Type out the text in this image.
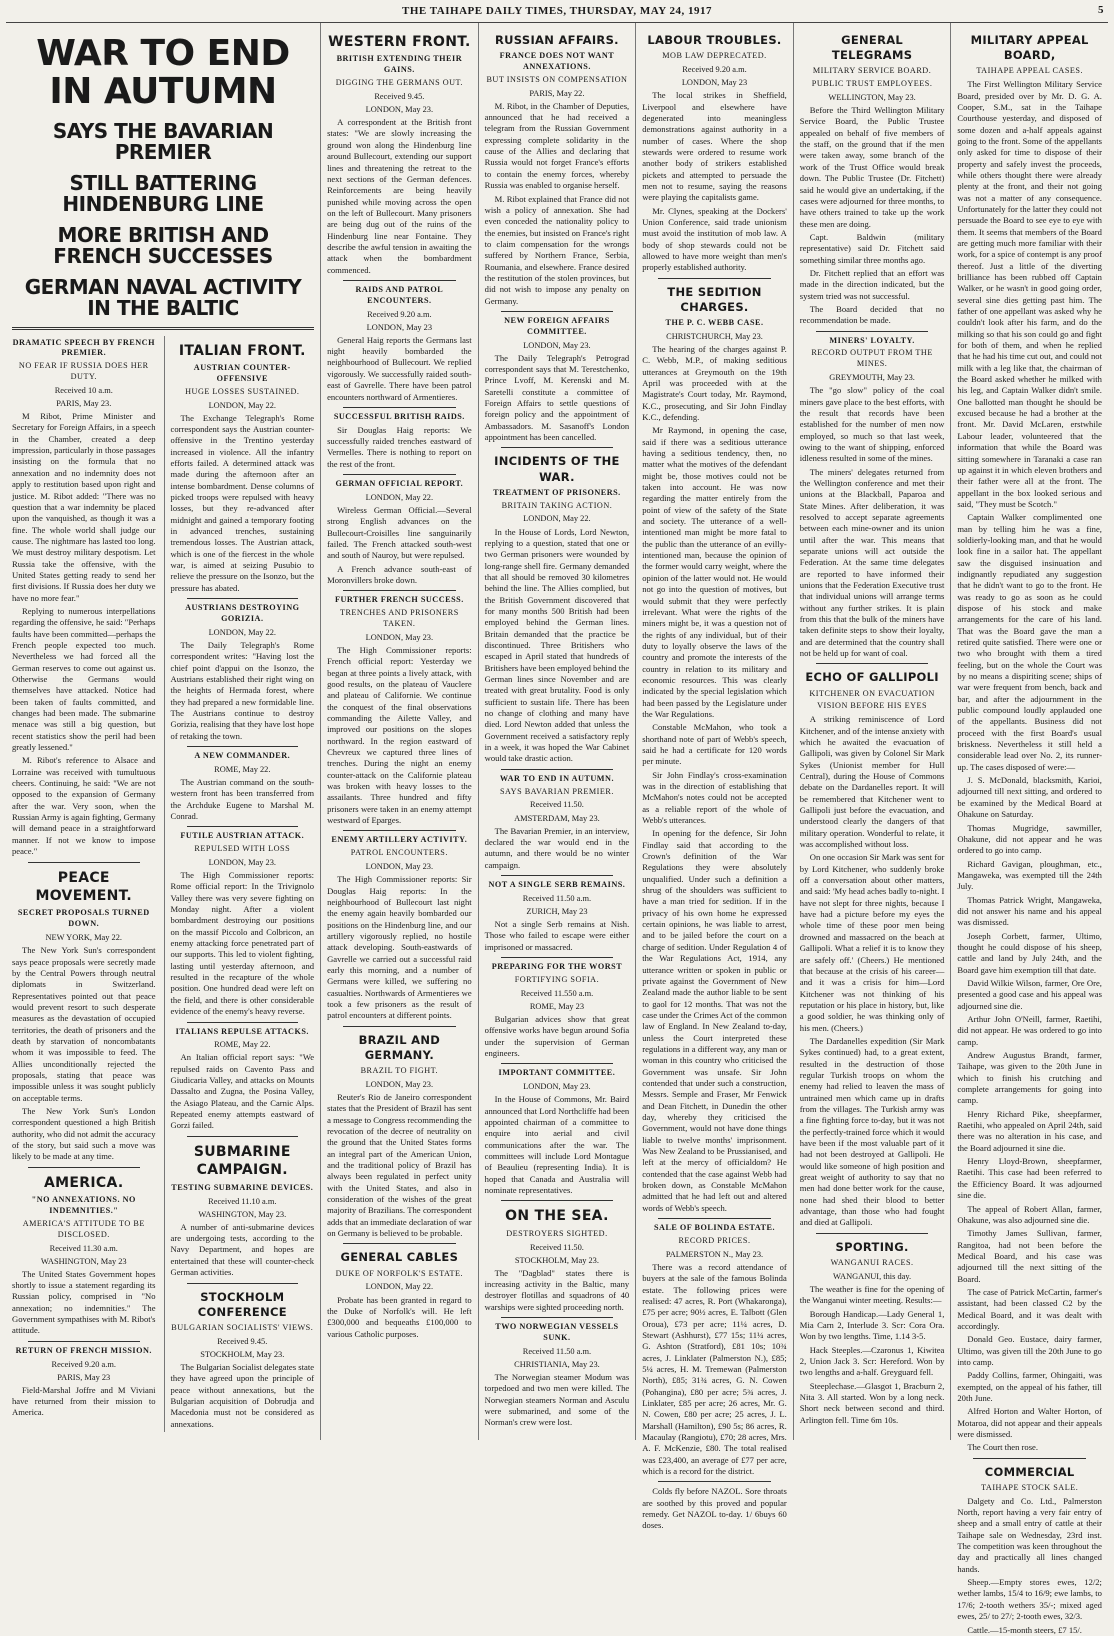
THE TAIHAPE DAILY TIMES, THURSDAY, MAY 24, 1917	5
WAR TO END IN AUTUMN
SAYS THE BAVARIAN PREMIER
STILL BATTERING HINDENBURG LINE
MORE BRITISH AND FRENCH SUCCESSES
GERMAN NAVAL ACTIVITY IN THE BALTIC
DRAMATIC SPEECH BY FRENCH PREMIER.
NO FEAR IF RUSSIA DOES HER DUTY.
Received 10 a.m.
PARIS, May 23.

M Ribot, Prime Minister and Secretary for Foreign Affairs, in a speech in the Chamber, created a deep impression, particularly in those passages insisting on the formula that no annexation and no indemnity does not apply to restitution based upon right and justice. M. Ribot added: "There was no question that a war indemnity be placed upon the vanquished, as though it was a fine. The whole world shall judge our cause. The nightmare has lasted too long. We must destroy military despotism. Let Russia take the offensive, with the United States getting ready to send her first divisions. If Russia does her duty we have no more fear."

Replying to numerous interpellations regarding the offensive, he said: "Perhaps faults have been committed—perhaps the French people expected too much. Nevertheless we had forced all the German reserves to come out against us. Otherwise the Germans would themselves have attacked. Notice had been taken of faults committed, and changes had been made. The submarine menace was still a big question, but recent statistics show the peril had been greatly lessened."

M. Ribot's reference to Alsace and Lorraine was received with tumultuous cheers. Continuing, he said: "We are not opposed to the expansion of Germany after the war. Very soon, when the Russian Army is again fighting, Germany will demand peace in a straightforward manner. If not we know to impose peace."

PEACE MOVEMENT.
SECRET PROPOSALS TURNED DOWN.
NEW YORK, May 22.

The New York Sun's correspondent says peace proposals were secretly made by the Central Powers through neutral diplomats in Switzerland. Representatives pointed out that peace would prevent resort to such desperate measures as the devastation of occupied territories, the death of prisoners and the death by starvation of noncombatants whom it was impossible to feed. The Allies unconditionally rejected the proposals, stating that peace was impossible unless it was sought publicly on acceptable terms.

The New York Sun's London correspondent questioned a high British authority, who did not admit the accuracy of the story, but said such a move was likely to be made at any time.

AMERICA.
"NO ANNEXATIONS. NO INDEMNITIES."
AMERICA'S ATTITUDE TO BE DISCLOSED.
Received 11.30 a.m.
WASHINGTON, May 23

The United States Government hopes shortly to issue a statement regarding its Russian policy, comprised in "No annexation; no indemnities." The Government sympathises with M. Ribot's attitude.

RETURN OF FRENCH MISSION.
Received 9.20 a.m.
PARIS, May 23

Field-Marshal Joffre and M Viviani have returned from their mission to America.

ITALIAN FRONT.
AUSTRIAN COUNTER-OFFENSIVE
HUGE LOSSES SUSTAINED.
LONDON, May 22.

The Exchange Telegraph's Rome correspondent says the Austrian counter-offensive in the Trentino yesterday increased in violence. All the infantry efforts failed. A determined attack was made during the afternoon after an intense bombardment. Dense columns of picked troops were repulsed with heavy losses, but they re-advanced after midnight and gained a temporary footing in advanced trenches, sustaining tremendous losses. The Austrian attack, which is one of the fiercest in the whole war, is aimed at seizing Pusubio to relieve the pressure on the Isonzo, but the pressure has abated.

AUSTRIANS DESTROYING GORIZIA.
LONDON, May 22.

The Daily Telegraph's Rome correspondent writes: "Having lost the chief point d'appui on the Isonzo, the Austrians established their right wing on the heights of Hermada forest, where they had prepared a new formidable line. The Austrians continue to destroy Gorizia, realising that they have lost hope of retaking the town.

A NEW COMMANDER.
ROME, May 22.

The Austrian command on the south-western front has been transferred from the Archduke Eugene to Marshal M. Conrad.

FUTILE AUSTRIAN ATTACK.
REPULSED WITH LOSS
LONDON, May 23.

The High Commissioner reports: Rome official report: In the Trivignolo Valley there was very severe fighting on Monday night. After a violent bombardment destroying our positions on the massif Piccolo and Colbricon, an enemy attacking force penetrated part of our supports. This led to violent fighting, lasting until yesterday afternoon, and resulted in the recapture of the whole position. One hundred dead were left on the field, and there is other considerable evidence of the enemy's heavy reverse.

ITALIANS REPULSE ATTACKS.
ROME, May 22.

An Italian official report says: "We repulsed raids on Cavento Pass and Giudicaria Valley, and attacks on Mounts Dassalto and Zugna, the Posina Valley, the Asiago Plateau, and the Carnic Alps. Repeated enemy attempts eastward of Gorzi failed.

SUBMARINE CAMPAIGN.
TESTING SUBMARINE DEVICES.
Received 11.10 a.m.
WASHINGTON, May 23.

A number of anti-submarine devices are undergoing tests, according to the Navy Department, and hopes are entertained that these will counter-check German activities.

STOCKHOLM CONFERENCE
BULGARIAN SOCIALISTS' VIEWS.
Received 9.45.
STOCKHOLM, May 23.

The Bulgarian Socialist delegates state they have agreed upon the principle of peace without annexations, but the Bulgarian acquisition of Dobrudja and Macedonia must not be considered as annexations.

WESTERN FRONT.
BRITISH EXTENDING THEIR GAINS.
DIGGING THE GERMANS OUT.
Received 9.45.
LONDON, May 23.

A correspondent at the British front states: "We are slowly increasing the ground won along the Hindenburg line around Bullecourt, extending our support lines and threatening the retreat to the next sections of the German defences. Reinforcements are being heavily punished while moving across the open on the left of Bullecourt. Many prisoners are being dug out of the ruins of the Hindenburg line near Fontaine. They describe the awful tension in awaiting the attack when the bombardment commenced.

RAIDS AND PATROL ENCOUNTERS.
Received 9.20 a.m.
LONDON, May 23

General Haig reports the Germans last night heavily bombarded the neighbourhood of Bullecourt. We replied vigorously. We successfully raided south-east of Gavrelle. There have been patrol encounters northward of Armentieres.

SUCCESSFUL BRITISH RAIDS.

Sir Douglas Haig reports: We successfully raided trenches eastward of Vermelles. There is nothing to report on the rest of the front.

GERMAN OFFICIAL REPORT.
LONDON, May 22.

Wireless German Official.—Several strong English advances on the Bullecourt-Croisilles line sanguinarily failed. The French attacked south-west and south of Nauroy, but were repulsed.

A French advance south-east of Moronvillers broke down.

FURTHER FRENCH SUCCESS.
TRENCHES AND PRISONERS TAKEN.
LONDON, May 23.

The High Commissioner reports: French official report: Yesterday we began at three points a lively attack, with good results, on the plateau of Vauclere and plateau of Californie. We continue the conquest of the final observations commanding the Ailette Valley, and improved our positions on the slopes northward. In the region eastward of Chevreux we captured three lines of trenches. During the night an enemy counter-attack on the Californie plateau was broken with heavy losses to the assailants. Three hundred and fifty prisoners were taken in an enemy attempt westward of Eparges.

ENEMY ARTILLERY ACTIVITY.
PATROL ENCOUNTERS.
LONDON, May 23.

The High Commissioner reports: Sir Douglas Haig reports: In the neighbourhood of Bullecourt last night the enemy again heavily bombarded our positions on the Hindenburg line, and our artillery vigorously replied, no hostile attack developing. South-eastwards of Gavrelle we carried out a successful raid early this morning, and a number of Germans were killed, we suffering no casualties. Northwards of Armentieres we took a few prisoners as the result of patrol encounters at different points.

BRAZIL AND GERMANY.
BRAZIL TO FIGHT.
LONDON, May 23.

Reuter's Rio de Janeiro correspondent states that the President of Brazil has sent a message to Congress recommending the revocation of the decree of neutrality on the ground that the United States forms an integral part of the American Union, and the traditional policy of Brazil has always been regulated in perfect unity with the United States, and also in consideration of the wishes of the great majority of Brazilians. The correspondent adds that an immediate declaration of war on Germany is believed to be probable.

GENERAL CABLES
DUKE OF NORFOLK'S ESTATE.
LONDON, May 22.

Probate has been granted in regard to the Duke of Norfolk's will. He left £300,000 and bequeaths £100,000 to various Catholic purposes.

RUSSIAN AFFAIRS.
FRANCE DOES NOT WANT ANNEXATIONS.
BUT INSISTS ON COMPENSATION
PARIS, May 22.

M. Ribot, in the Chamber of Deputies, announced that he had received a telegram from the Russian Government expressing complete solidarity in the cause of the Allies and declaring that Russia would not forget France's efforts to contain the enemy forces, whereby Russia was enabled to organise herself.

M. Ribot explained that France did not wish a policy of annexation. She had even conceded the nationality policy to the enemies, but insisted on France's right to claim compensation for the wrongs suffered by Northern France, Serbia, Roumania, and elsewhere. France desired the restitution of the stolen provinces, but did not wish to impose any penalty on Germany.

NEW FOREIGN AFFAIRS COMMITTEE.
LONDON, May 23.

The Daily Telegraph's Petrograd correspondent says that M. Terestchenko, Prince Lvoff, M. Kerenski and M. Saretelli constitute a committee of Foreign Affairs to settle questions of foreign policy and the appointment of Ambassadors. M. Sasanoff's London appointment has been cancelled.

INCIDENTS OF THE WAR.
TREATMENT OF PRISONERS.
BRITAIN TAKING ACTION.
LONDON, May 22.

In the House of Lords, Lord Newton, replying to a question, stated that one or two German prisoners were wounded by long-range shell fire. Germany demanded that all should be removed 30 kilometres behind the line. The Allies complied, but the British Government discovered that for many months 500 British had been employed behind the German lines. Britain demanded that the practice be discontinued. Three Britishers who escaped in April stated that hundreds of Britishers have been employed behind the German lines since November and are treated with great brutality. Food is only sufficient to sustain life. There has been no change of clothing and many have died. Lord Newton added that unless the Government received a satisfactory reply in a week, it was hoped the War Cabinet would take drastic action.

WAR TO END IN AUTUMN.
SAYS BAVARIAN PREMIER.
Received 11.50.
AMSTERDAM, May 23.

The Bavarian Premier, in an interview, declared the war would end in the autumn, and there would be no winter campaign.

NOT A SINGLE SERB REMAINS.
Received 11.50 a.m.
ZURICH, May 23

Not a single Serb remains at Nish. Those who failed to escape were either imprisoned or massacred.

PREPARING FOR THE WORST
FORTIFYING SOFIA.
Received 11.550 a.m.
ROME, May 23

Bulgarian advices show that great offensive works have begun around Sofia under the supervision of German engineers.

IMPORTANT COMMITTEE.
LONDON, May 23.

In the House of Commons, Mr. Baird announced that Lord Northcliffe had been appointed chairman of a committee to enquire into aerial and civil communications after the war. The committees will include Lord Montague of Beaulieu (representing India). It is hoped that Canada and Australia will nominate representatives.

ON THE SEA.
DESTROYERS SIGHTED.
Received 11.50.
STOCKHOLM, May 23.

The "Dagblad" states there is increasing activity in the Baltic, many destroyer flotillas and squadrons of 40 warships were sighted proceeding north.

TWO NORWEGIAN VESSELS SUNK.
Received 11.50 a.m.
CHRISTIANIA, May 23.

The Norwegian steamer Modum was torpedoed and two men were killed. The Norwegian steamers Norman and Asculu were submarined, and some of the Norman's crew were lost.

LABOUR TROUBLES.
MOB LAW DEPRECATED.
Received 9.20 a.m.
LONDON, May 23

The local strikes in Sheffield, Liverpool and elsewhere have degenerated into meaningless demonstrations against authority in a number of cases. Where the shop stewards were ordered to resume work another body of strikers established pickets and attempted to persuade the men not to resume, saying the reasons were playing the capitalists game.

Mr. Clynes, speaking at the Dockers' Union Conference, said trade unionism must avoid the institution of mob law. A body of shop stewards could not be allowed to have more weight than men's properly established authority.

THE SEDITION CHARGES.
THE P. C. WEBB CASE.
CHRISTCHURCH, May 23.

The hearing of the charges against P. C. Webb, M.P., of making seditious utterances at Greymouth on the 19th April was proceeded with at the Magistrate's Court today, Mr. Raymond, K.C., prosecuting, and Sir John Findlay K.C., defending.

Mr Raymond, in opening the case, said if there was a seditious utterance having a seditious tendency, then, no matter what the motives of the defendant might be, those motives could not be taken into account. He was now regarding the matter entirely from the point of view of the safety of the State and society. The utterance of a well-intentioned man might be more fatal to the public than the utterance of an evilly-intentioned man, because the opinion of the former would carry weight, where the opinion of the latter would not. He would not go into the question of motives, but would submit that they were perfectly irrelevant. What were the rights of the miners might be, it was a question not of the rights of any individual, but of their duty to loyally observe the laws of the country and promote the interests of the country in relation to its military and economic resources. This was clearly indicated by the special legislation which had been passed by the Legislature under the War Regulations.

Constable McMahon, who took a shorthand note of part of Webb's speech, said he had a certificate for 120 words per minute.

Sir John Findlay's cross-examination was in the direction of establishing that McMahon's notes could not be accepted as a reliable report of the whole of Webb's utterances.

In opening for the defence, Sir John Findlay said that according to the Crown's definition of the War Regulations they were absolutely unqualified. Under such a definition a shrug of the shoulders was sufficient to have a man tried for sedition. If in the privacy of his own home he expressed certain opinions, he was liable to arrest, and to be jailed before the court on a charge of sedition. Under Regulation 4 of the War Regulations Act, 1914, any utterance written or spoken in public or private against the Government of New Zealand made the author liable to be sent to gaol for 12 months. That was not the case under the Crimes Act of the common law of England. In New Zealand to-day, unless the Court interpreted these regulations in a different way, any man or woman in this country who criticised the Government was unsafe. Sir John contended that under such a construction, Messrs. Semple and Fraser, Mr Fenwick and Dean Fitchett, in Dunedin the other day, whereby they criticised the Government, would not have done things liable to twelve months' imprisonment. Was New Zealand to be Prussianised, and left at the mercy of officialdom? He contended that the case against Webb had broken down, as Constable McMahon admitted that he had left out and altered words of Webb's speech.

SALE OF BOLINDA ESTATE.
RECORD PRICES.
PALMERSTON N., May 23.

There was a record attendance of buyers at the sale of the famous Bolinda estate. The following prices were realised: 47 acres, R. Port (Whakaronga), £75 per acre; 90½ acres, E. Talbott (Glen Oroua), £73 per acre; 11¼ acres, D. Stewart (Ashhurst), £77 15s; 11¼ acres, G. Ashton (Stratford), £81 10s; 10¾ acres, J. Linklater (Palmerston N.), £85; 5¼ acres, H. M. Tremewan (Palmerston North), £85; 31¾ acres, G. N. Cowen (Pohangina), £80 per acre; 5¾ acres, J. Linklater, £85 per acre; 26 acres, Mr. G. N. Cowen, £80 per acre; 25 acres, J. L. Marshall (Hamilton), £90 5s; 86 acres, R. Macaulay (Rangiotu), £70; 28 acres, Mrs. A. F. McKenzie, £80. The total realised was £23,400, an average of £77 per acre, which is a record for the district.

Colds fly before NAZOL. Sore throats are soothed by this proved and popular remedy. Get NAZOL to-day. 1/ 6buys 60 doses.

GENERAL TELEGRAMS
MILITARY SERVICE BOARD.
PUBLIC TRUST EMPLOYEES.
WELLINGTON, May 23.

Before the Third Wellington Military Service Board, the Public Trustee appealed on behalf of five members of the staff, on the ground that if the men were taken away, some branch of the work of the Trust Office would break down. The Public Trustee (Dr. Fitchett) said he would give an undertaking, if the cases were adjourned for three months, to have others trained to take up the work these men are doing.

Capt. Baldwin (military representative) said Dr. Fitchett said something similar three months ago.

Dr. Fitchett replied that an effort was made in the direction indicated, but the system tried was not successful.

The Board decided that no recommendation be made.

MINERS' LOYALTY.
RECORD OUTPUT FROM THE MINES.
GREYMOUTH, May 23.

The "go slow" policy of the coal miners gave place to the best efforts, with the result that records have been established for the number of men now employed, so much so that last week, owing to the want of shipping, enforced idleness resulted in some of the mines.

The miners' delegates returned from the Wellington conference and met their unions at the Blackball, Paparoa and State Mines. After deliberation, it was resolved to accept separate agreements between each mine-owner and its union until after the war. This means that separate unions will act outside the Federation. At the same time delegates are reported to have informed their unions that the Federation Executive trust that individual unions will arrange terms without any further strikes. It is plain from this that the bulk of the miners have taken definite steps to show their loyalty, and are determined that the country shall not be held up for want of coal.

ECHO OF GALLIPOLI
KITCHENER ON EVACUATION
VISION BEFORE HIS EYES

A striking reminiscence of Lord Kitchener, and of the intense anxiety with which he awaited the evacuation of Gallipoli, was given by Colonel Sir Mark Sykes (Unionist member for Hull Central), during the House of Commons debate on the Dardanelles report. It will be remembered that Kitchener went to Gallipoli just before the evacuation, and understood clearly the dangers of that military operation. Wonderful to relate, it was accomplished without loss.

On one occasion Sir Mark was sent for by Lord Kitchener, who suddenly broke off a conversation about other matters, and said: 'My head aches badly to-night. I have not slept for three nights, because I have had a picture before my eyes the whole time of these poor men being drowned and massacred on the beach at Gallipoli. What a relief it is to know they are safely off.' (Cheers.) He mentioned that because at the crisis of his career—and it was a crisis for him—Lord Kitchener was not thinking of his reputation or his place in history, but, like a good soldier, he was thinking only of his men. (Cheers.)

The Dardanelles expedition (Sir Mark Sykes continued) had, to a great extent, resulted in the destruction of those regular Turkish troops on whom the enemy had relied to leaven the mass of untrained men which came up in drafts from the villages. The Turkish army was a fine fighting force to-day, but it was not the perfectly-trained force which it would have been if the most valuable part of it had not been destroyed at Gallipoli. He would like someone of high position and great weight of authority to say that no men had done better work for the cause, none had shed their blood to better advantage, than those who had fought and died at Gallipoli.

SPORTING.
WANGANUI RACES.
WANGANUI, this day.

The weather is fine for the opening of the Wanganui winter meeting. Results:—

Borough Handicap.—Lady General 1, Mia Carn 2, Interlude 3. Scr: Cora Ora. Won by two lengths. Time, 1.14 3-5.

Hack Steeples.—Czaronus 1, Kiwitea 2, Union Jack 3. Scr: Hereford. Won by two lengths and a-half. Greyguard fell.

Steeplechase.—Glasgot 1, Bracburn 2, Nita 3. All started. Won by a long neck. Short neck between second and third. Arlington fell. Time 6m 10s.

MILITARY APPEAL BOARD,
TAIHAPE APPEAL CASES.

The First Wellington Military Service Board, presided over by Mr. D. G. A. Cooper, S.M., sat in the Taihape Courthouse yesterday, and disposed of some dozen and a-half appeals against going to the front. Some of the appellants only asked for time to dispose of their property and safely invest the proceeds, while others thought there were already plenty at the front, and their not going was not a matter of any consequence. Unfortunately for the latter they could not persuade the Board to see eye to eye with them. It seems that members of the Board are getting much more familiar with their work, for a spice of contempt is any proof thereof. Just a little of the diverting brilliance has been rubbed off Captain Walker, or he wasn't in good going order, several sine dies getting past him. The father of one appellant was asked why he couldn't look after his farm, and do the milking so that his son could go and fight for both of them, and when he replied that he had his time cut out, and could not milk with a leg like that, the chairman of the Board asked whether he milked with his leg, and Captain Walker didn't smile. One ballotted man thought he should be excused because he had a brother at the front. Mr. David McLaren, erstwhile Labour leader, volunteered that the information that while the Board was sitting somewhere in Taranaki a case ran up against it in which eleven brothers and their father were all at the front. The appellant in the box looked serious and said, "They must be Scotch."

Captain Walker complimented one man by telling him he was a fine, soldierly-looking man, and that he would look fine in a sailor hat. The appellant saw the disguised insinuation and indignantly repudiated any suggestion that he didn't want to go to the front. He was ready to go as soon as he could dispose of his stock and make arrangements for the care of his land. That was the Board gave the man a retired quite satisfied. There were one or two who brought with them a tired feeling, but on the whole the Court was by no means a dispiriting scene; ships of war were frequent from bench, back and bar, and after the adjournment in the public compound loudly applauded one of the appellants. Business did not proceed with the first Board's usual briskness. Nevertheless it still held a considerable lead over No. 2, its runner-up. The cases disposed of were:—

J. S. McDonald, blacksmith, Karioi, adjourned till next sitting, and ordered to be examined by the Medical Board at Ohakune on Saturday.

Thomas Mugridge, sawmiller, Ohakune, did not appear and he was ordered to go into camp.

Richard Gavigan, ploughman, etc., Mangaweka, was exempted till the 24th July.

Thomas Patrick Wright, Mangaweka, did not answer his name and his appeal was dismissed.

Joseph Corbett, farmer, Ultimo, thought he could dispose of his sheep, cattle and land by July 24th, and the Board gave him exemption till that date.

David Wilkie Wilson, farmer, Ore Ore, presented a good case and his appeal was adjourned sine die.

Arthur John O'Neill, farmer, Raetihi, did not appear. He was ordered to go into camp.

Andrew Augustus Brandt, farmer, Taihape, was given to the 20th June in which to finish his crutching and complete arrangements for going into camp.

Henry Richard Pike, sheepfarmer, Raetihi, who appealed on April 24th, said there was no alteration in his case, and the Board adjourned it sine die.

Henry Lloyd-Brown, sheepfarmer, Raetihi. This case had been referred to the Efficiency Board. It was adjourned sine die.

The appeal of Robert Allan, farmer, Ohakune, was also adjourned sine die.

Timothy James Sullivan, farmer, Rangitoa, had not been before the Medical Board, and his case was adjourned till the next sitting of the Board.

The case of Patrick McCartin, farmer's assistant, had been classed C2 by the Medical Board, and it was dealt with accordingly.

Donald Geo. Eustace, dairy farmer, Ultimo, was given till the 20th June to go into camp.

Paddy Collins, farmer, Ohingaiti, was exempted, on the appeal of his father, till 20th June.

Alfred Horton and Walter Horton, of Motaroa, did not appear and their appeals were dismissed.

The Court then rose.

COMMERCIAL
TAIHAPE STOCK SALE.

Dalgety and Co. Ltd., Palmerston North, report having a very fair entry of sheep and a small entry of cattle at their Taihape sale on Wednesday, 23rd inst. The competition was keen throughout the day and practically all lines changed hands.

Sheep.—Empty stores ewes, 12/2; wether lambs, 15/4 to 16/9; ewe lambs, to 17/6; 2-tooth wethers 35/-; mixed aged ewes, 25/ to 27/; 2-tooth ewes, 32/3.

Cattle.—15-month steers, £7 15/.
